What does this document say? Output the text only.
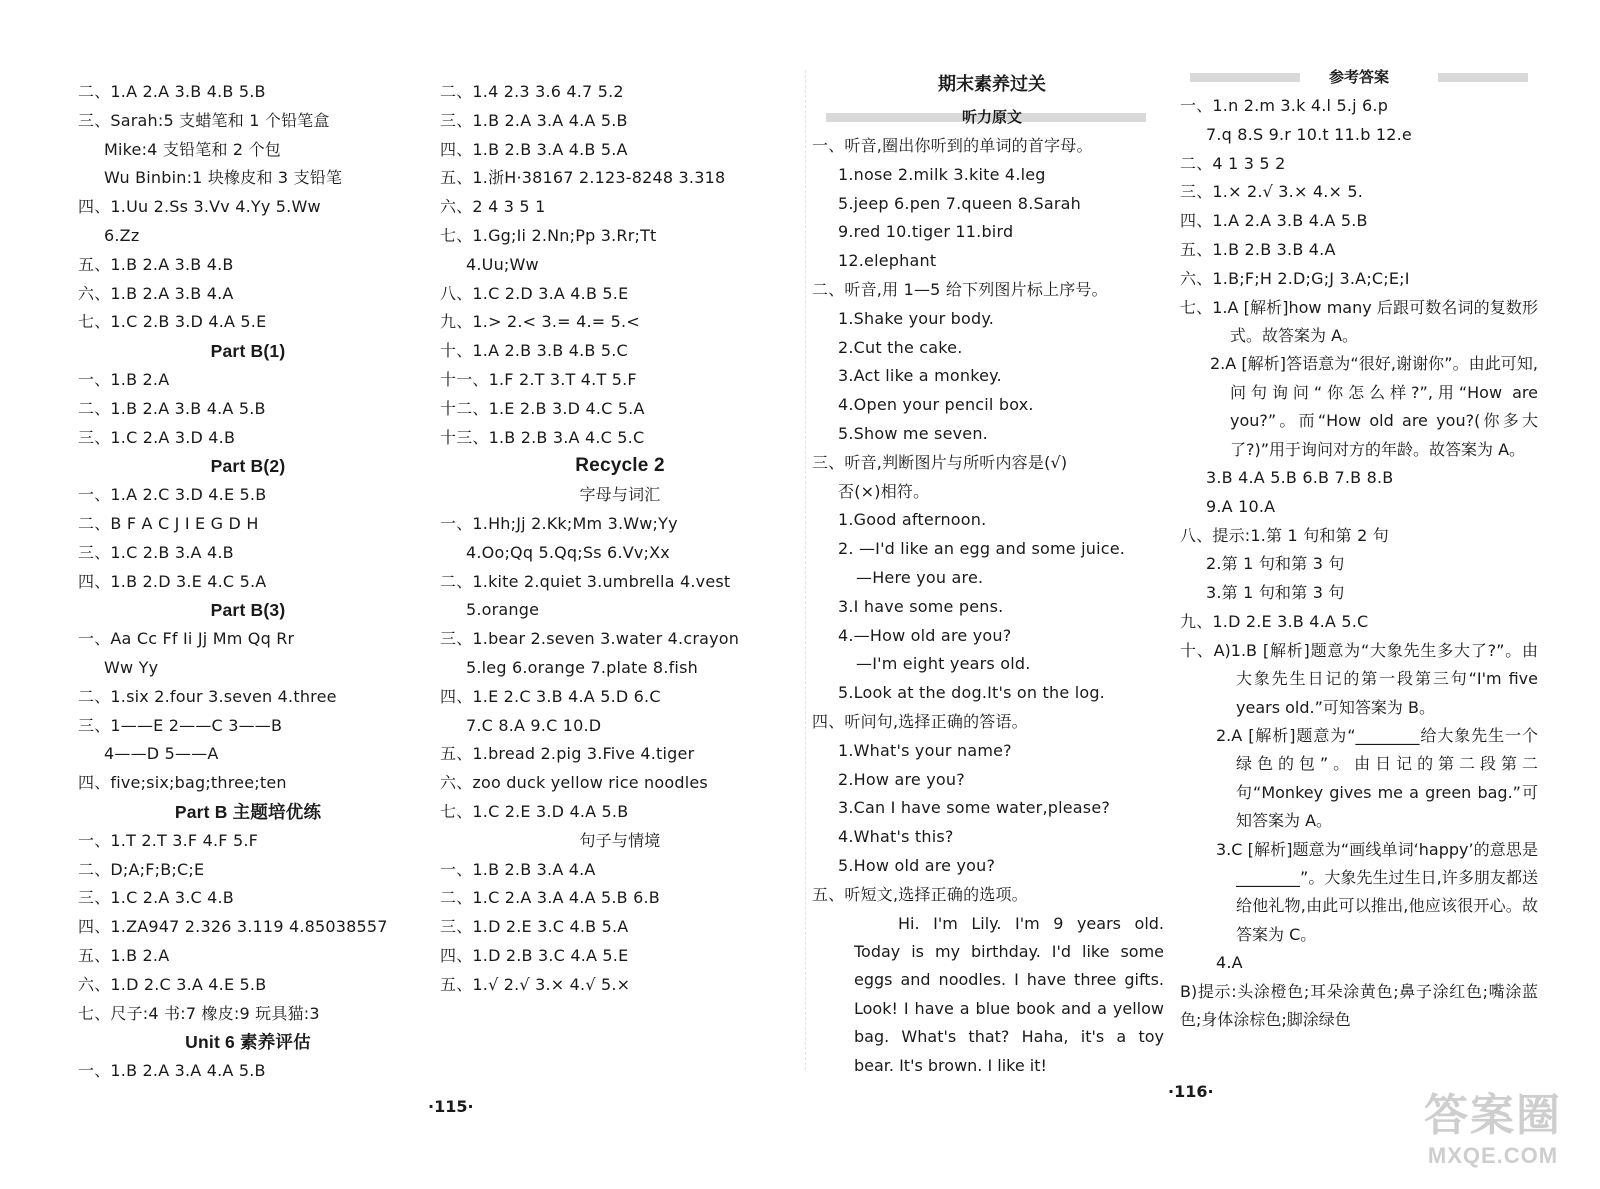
二、1.A 2.A 3.B 4.B 5.B
三、Sarah:5 支蜡笔和 1 个铅笔盒
Mike:4 支铅笔和 2 个包
Wu Binbin:1 块橡皮和 3 支铅笔
四、1.Uu 2.Ss 3.Vv 4.Yy 5.Ww
6.Zz
五、1.B 2.A 3.B 4.B
六、1.B 2.A 3.B 4.A
七、1.C 2.B 3.D 4.A 5.E
Part B(1)
一、1.B 2.A
二、1.B 2.A 3.B 4.A 5.B
三、1.C 2.A 3.D 4.B
Part B(2)
一、1.A 2.C 3.D 4.E 5.B
二、B F A C J I E G D H
三、1.C 2.B 3.A 4.B
四、1.B 2.D 3.E 4.C 5.A
Part B(3)
一、Aa Cc Ff Ii Jj Mm Qq Rr
Ww Yy
二、1.six 2.four 3.seven 4.three
三、1——E 2——C 3——B
4——D 5——A
四、five;six;bag;three;ten
Part B 主题培优练
一、1.T 2.T 3.F 4.F 5.F
二、D;A;F;B;C;E
三、1.C 2.A 3.C 4.B
四、1.ZA947 2.326 3.119 4.85038557
五、1.B 2.A
六、1.D 2.C 3.A 4.E 5.B
七、尺子:4 书:7 橡皮:9 玩具猫:3
Unit 6 素养评估
一、1.B 2.A 3.A 4.A 5.B
二、1.4 2.3 3.6 4.7 5.2
三、1.B 2.A 3.A 4.A 5.B
四、1.B 2.B 3.A 4.B 5.A
五、1.浙H·38167 2.123-8248 3.318
六、2 4 3 5 1
七、1.Gg;Ii 2.Nn;Pp 3.Rr;Tt
4.Uu;Ww
八、1.C 2.D 3.A 4.B 5.E
九、1.> 2.< 3.= 4.= 5.<
十、1.A 2.B 3.B 4.B 5.C
十一、1.F 2.T 3.T 4.T 5.F
十二、1.E 2.B 3.D 4.C 5.A
十三、1.B 2.B 3.A 4.C 5.C
Recycle 2
字母与词汇
一、1.Hh;Jj 2.Kk;Mm 3.Ww;Yy
4.Oo;Qq 5.Qq;Ss 6.Vv;Xx
二、1.kite 2.quiet 3.umbrella 4.vest
5.orange
三、1.bear 2.seven 3.water 4.crayon
5.leg 6.orange 7.plate 8.fish
四、1.E 2.C 3.B 4.A 5.D 6.C
7.C 8.A 9.C 10.D
五、1.bread 2.pig 3.Five 4.tiger
六、zoo duck yellow rice noodles
七、1.C 2.E 3.D 4.A 5.B
句子与情境
一、1.B 2.B 3.A 4.A
二、1.C 2.A 3.A 4.A 5.B 6.B
三、1.D 2.E 3.C 4.B 5.A
四、1.D 2.B 3.C 4.A 5.E
五、1.√ 2.√ 3.× 4.√ 5.×
期末素养过关
听力原文
一、听音,圈出你听到的单词的首字母。
1.nose 2.milk 3.kite 4.leg
5.jeep 6.pen 7.queen 8.Sarah
9.red 10.tiger 11.bird
12.elephant
二、听音,用 1—5 给下列图片标上序号。
1.Shake your body.
2.Cut the cake.
3.Act like a monkey.
4.Open your pencil box.
5.Show me seven.
三、听音,判断图片与所听内容是(√)
否(×)相符。
1.Good afternoon.
2. —I'd like an egg and some juice.
—Here you are.
3.I have some pens.
4.—How old are you?
—I'm eight years old.
5.Look at the dog.It's on the log.
四、听问句,选择正确的答语。
1.What's your name?
2.How are you?
3.Can I have some water,please?
4.What's this?
5.How old are you?
五、听短文,选择正确的选项。
Hi. I'm Lily. I'm 9 years old. Today is my birthday. I'd like some eggs and noodles. I have three gifts. Look! I have a blue book and a yellow bag. What's that? Haha, it's a toy bear. It's brown. I like it!
参考答案
一、1.n 2.m 3.k 4.l 5.j 6.p
7.q 8.S 9.r 10.t 11.b 12.e
二、4 1 3 5 2
三、1.× 2.√ 3.× 4.× 5.
四、1.A 2.A 3.B 4.A 5.B
五、1.B 2.B 3.B 4.A
六、1.B;F;H 2.D;G;J 3.A;C;E;I
七、1.A [解析]how many 后跟可数名词的复数形式。故答案为 A。
2.A [解析]答语意为“很好,谢谢你”。由此可知,问句询问“你怎么样?”,用“How are you?”。而“How old are you?(你多大了?)”用于询问对方的年龄。故答案为 A。
3.B 4.A 5.B 6.B 7.B 8.B
9.A 10.A
八、提示:1.第 1 句和第 2 句
2.第 1 句和第 3 句
3.第 1 句和第 3 句
九、1.D 2.E 3.B 4.A 5.C
十、A)1.B [解析]题意为“大象先生多大了?”。由大象先生日记的第一段第三句“I'm five years old.”可知答案为 B。
2.A [解析]题意为“________给大象先生一个绿色的包”。由日记的第二段第二句“Monkey gives me a green bag.”可知答案为 A。
3.C [解析]题意为“画线单词‘happy’的意思是________”。大象先生过生日,许多朋友都送给他礼物,由此可以推出,他应该很开心。故答案为 C。
4.A
B)提示:头涂橙色;耳朵涂黄色;鼻子涂红色;嘴涂蓝色;身体涂棕色;脚涂绿色
·115·
·116·	答案圈
MXQE.COM
